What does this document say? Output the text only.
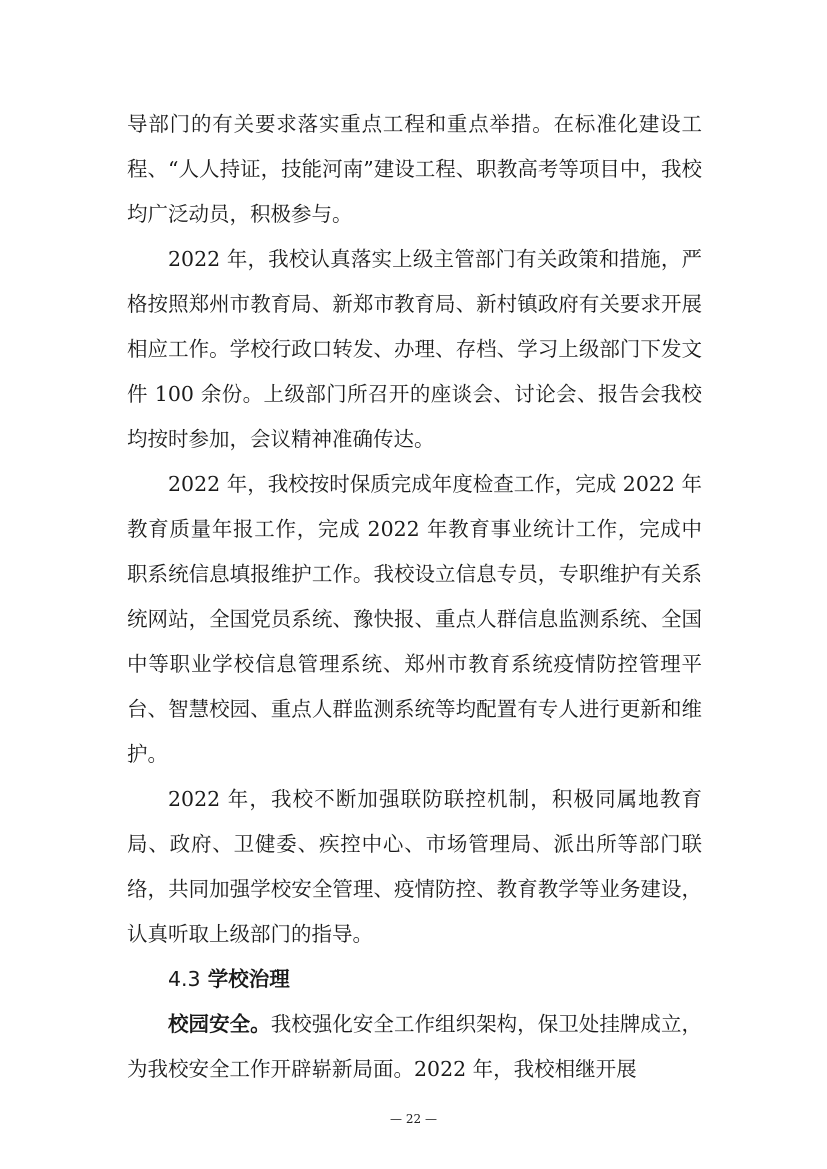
导部门的有关要求落实重点工程和重点举措。在标准化建设工程、“人人持证，技能河南”建设工程、职教高考等项目中，我校均广泛动员，积极参与。

2022 年，我校认真落实上级主管部门有关政策和措施，严格按照郑州市教育局、新郑市教育局、新村镇政府有关要求开展相应工作。学校行政口转发、办理、存档、学习上级部门下发文件 100 余份。上级部门所召开的座谈会、讨论会、报告会我校均按时参加，会议精神准确传达。

2022 年，我校按时保质完成年度检查工作，完成 2022 年教育质量年报工作，完成 2022 年教育事业统计工作，完成中职系统信息填报维护工作。我校设立信息专员，专职维护有关系统网站，全国党员系统、豫快报、重点人群信息监测系统、全国中等职业学校信息管理系统、郑州市教育系统疫情防控管理平台、智慧校园、重点人群监测系统等均配置有专人进行更新和维护。

2022 年，我校不断加强联防联控机制，积极同属地教育局、政府、卫健委、疾控中心、市场管理局、派出所等部门联络，共同加强学校安全管理、疫情防控、教育教学等业务建设，认真听取上级部门的指导。

4.3 学校治理

校园安全。我校强化安全工作组织架构，保卫处挂牌成立，为我校安全工作开辟崭新局面。2022 年，我校相继开展

— 22 —
